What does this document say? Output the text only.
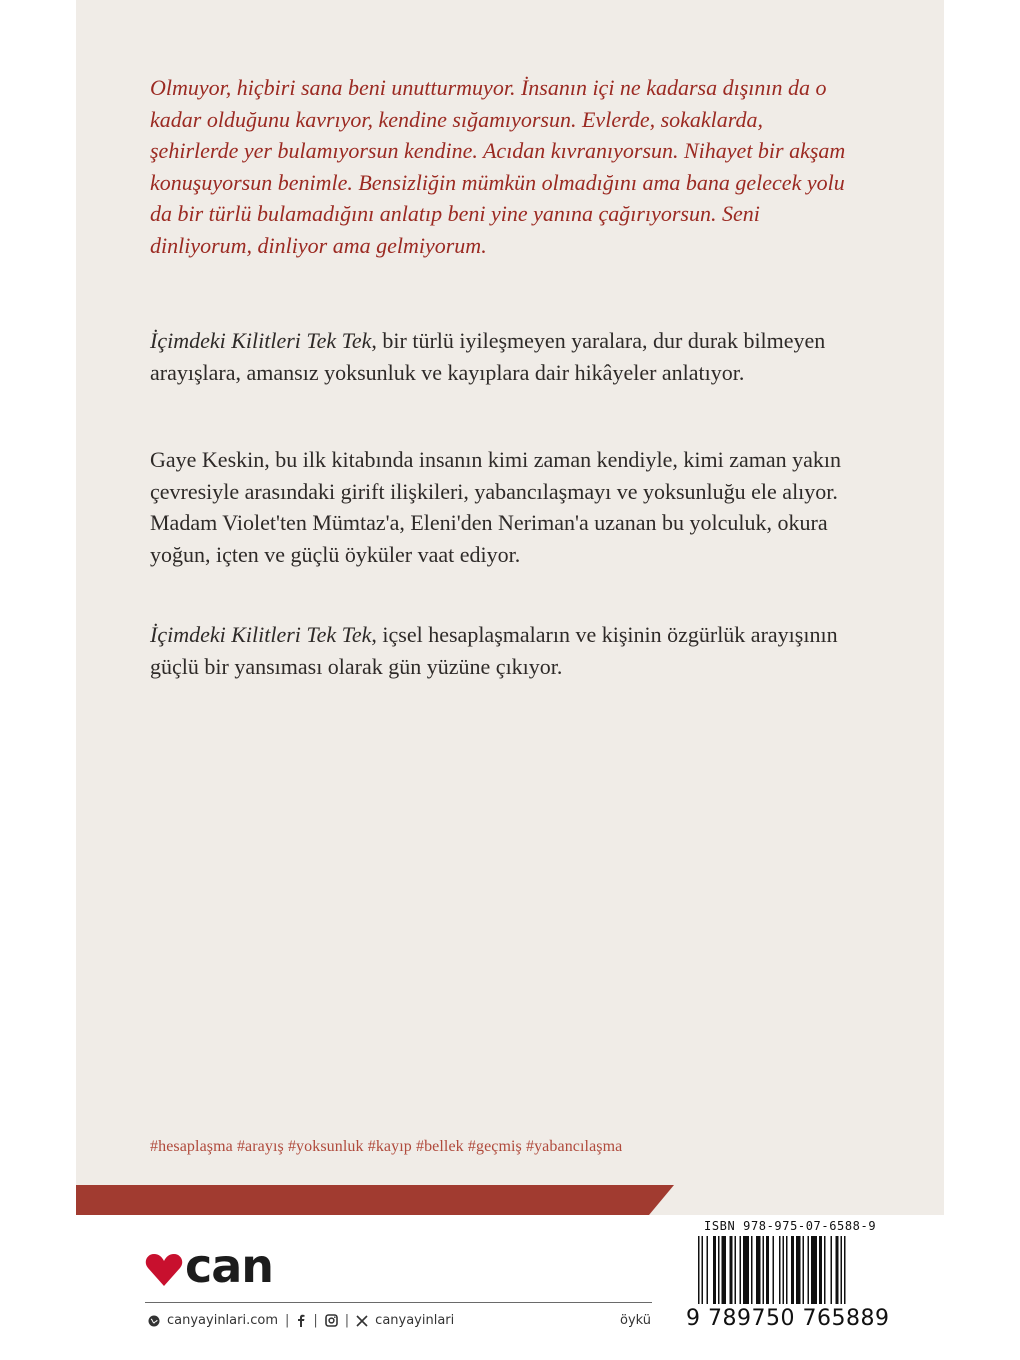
Olmuyor, hiçbiri sana beni unutturmuyor. İnsanın içi ne kadarsa dışının da o kadar olduğunu kavrıyor, kendine sığamıyorsun. Evlerde, sokaklarda, şehirlerde yer bulamıyorsun kendine. Acıdan kıvranıyorsun. Nihayet bir akşam konuşuyorsun benimle. Bensizliğin mümkün olmadığını ama bana gelecek yolu da bir türlü bulamadığını anlatıp beni yine yanına çağırıyorsun. Seni dinliyorum, dinliyor ama gelmiyorum.

İçimdeki Kilitleri Tek Tek, bir türlü iyileşmeyen yaralara, dur durak bilmeyen arayışlara, amansız yoksunluk ve kayıplara dair hikâyeler anlatıyor.

Gaye Keskin, bu ilk kitabında insanın kimi zaman kendiyle, kimi zaman yakın çevresiyle arasındaki girift ilişkileri, yabancılaşmayı ve yoksunluğu ele alıyor. Madam Violet'ten Mümtaz'a, Eleni'den Neriman'a uzanan bu yolculuk, okura yoğun, içten ve güçlü öyküler vaat ediyor.

İçimdeki Kilitleri Tek Tek, içsel hesaplaşmaların ve kişinin özgürlük arayışının güçlü bir yansıması olarak gün yüzüne çıkıyor.

#hesaplaşma #arayış #yoksunluk #kayıp #bellek #geçmiş #yabancılaşma
can
canyayinlari.com | | | canyayinlari	öykü
ISBN 978-975-07-6588-9
9 789750 765889
